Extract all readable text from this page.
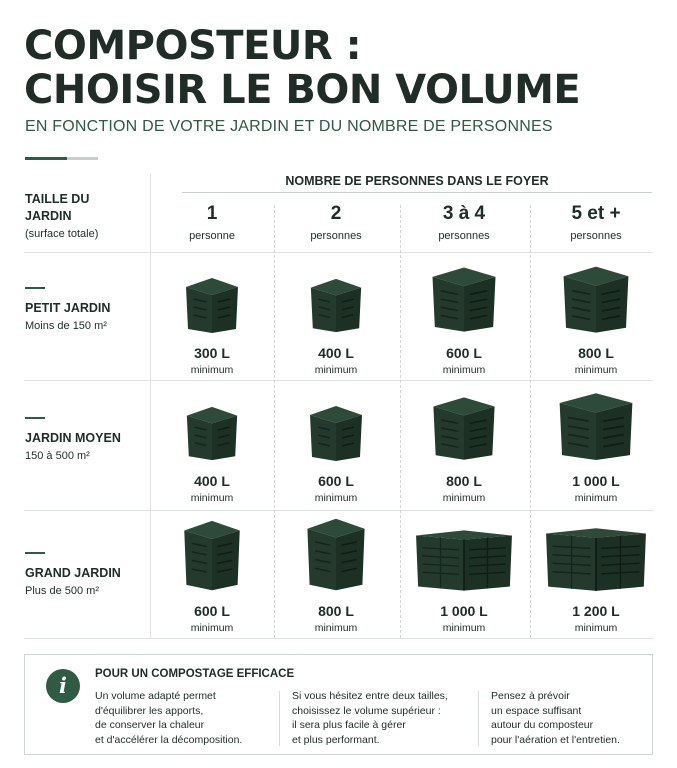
COMPOSTEUR :
CHOISIR LE BON VOLUME
EN FONCTION DE VOTRE JARDIN ET DU NOMBRE DE PERSONNES
TAILLE DU
JARDIN
(surface totale)
NOMBRE DE PERSONNES DANS LE FOYER
1
personne
2
personnes
3 à 4
personnes
5 et +
personnes
PETIT JARDIN
Moins de 150 m²
JARDIN MOYEN
150 à 500 m²
GRAND JARDIN
Plus de 500 m²
300 L
minimum
400 L
minimum
600 L
minimum
800 L
minimum
400 L
minimum
600 L
minimum
800 L
minimum
1 000 L
minimum
600 L
minimum
800 L
minimum
1 000 L
minimum
1 200 L
minimum
i	POUR UN COMPOSTAGE EFFICACE
Un volume adapté permet
d'équilibrer les apports,
de conserver la chaleur
et d'accélérer la décomposition.
Si vous hésitez entre deux tailles,
choisissez le volume supérieur :
il sera plus facile à gérer
et plus performant.
Pensez à prévoir
un espace suffisant
autour du composteur
pour l'aération et l'entretien.
